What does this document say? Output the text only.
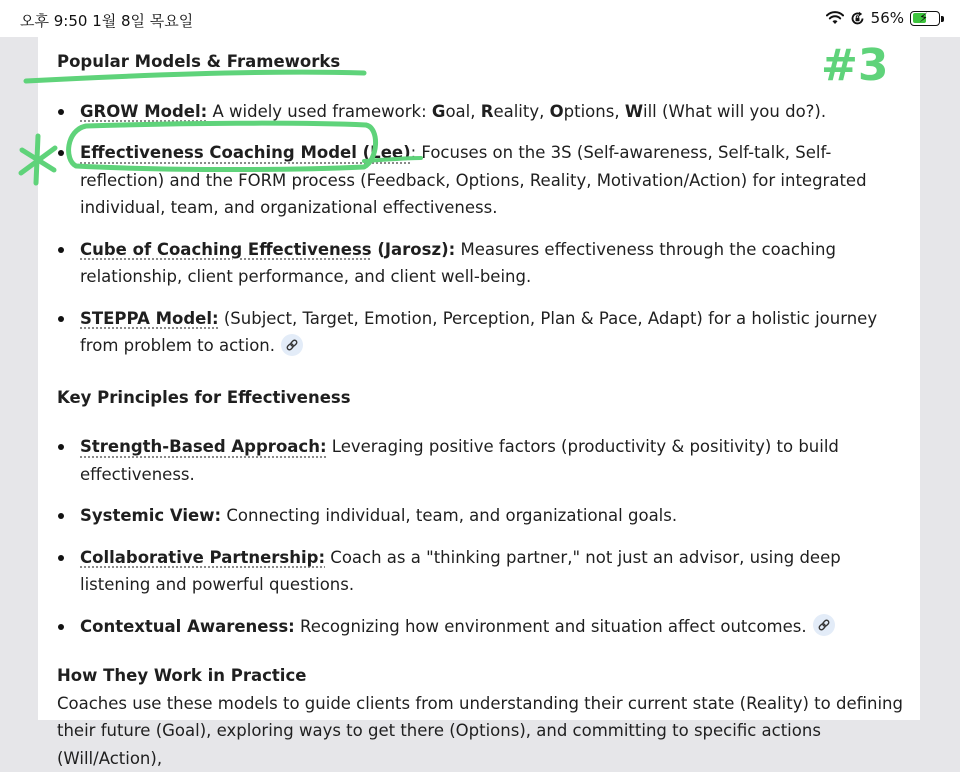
오후 9:50 1월 8일 목요일	56% ⚡

Popular Models & Frameworks

GROW Model: A widely used framework: Goal, Reality, Options, Will (What will you do?).
Effectiveness Coaching Model (Lee): Focuses on the 3S (Self-awareness, Self-talk, Self-reflection) and the FORM process (Feedback, Options, Reality, Motivation/Action) for integrated individual, team, and organizational effectiveness.
Cube of Coaching Effectiveness (Jarosz): Measures effectiveness through the coaching relationship, client performance, and client well-being.
STEPPA Model: (Subject, Target, Emotion, Perception, Plan & Pace, Adapt) for a holistic journey from problem to action.

Key Principles for Effectiveness

Strength-Based Approach: Leveraging positive factors (productivity & positivity) to build effectiveness.
Systemic View: Connecting individual, team, and organizational goals.
Collaborative Partnership: Coach as a "thinking partner," not just an advisor, using deep listening and powerful questions.
Contextual Awareness: Recognizing how environment and situation affect outcomes.

How They Work in Practice

Coaches use these models to guide clients from understanding their current state (Reality) to defining their future (Goal), exploring ways to get there (Options), and committing to specific actions (Will/Action),

#3
